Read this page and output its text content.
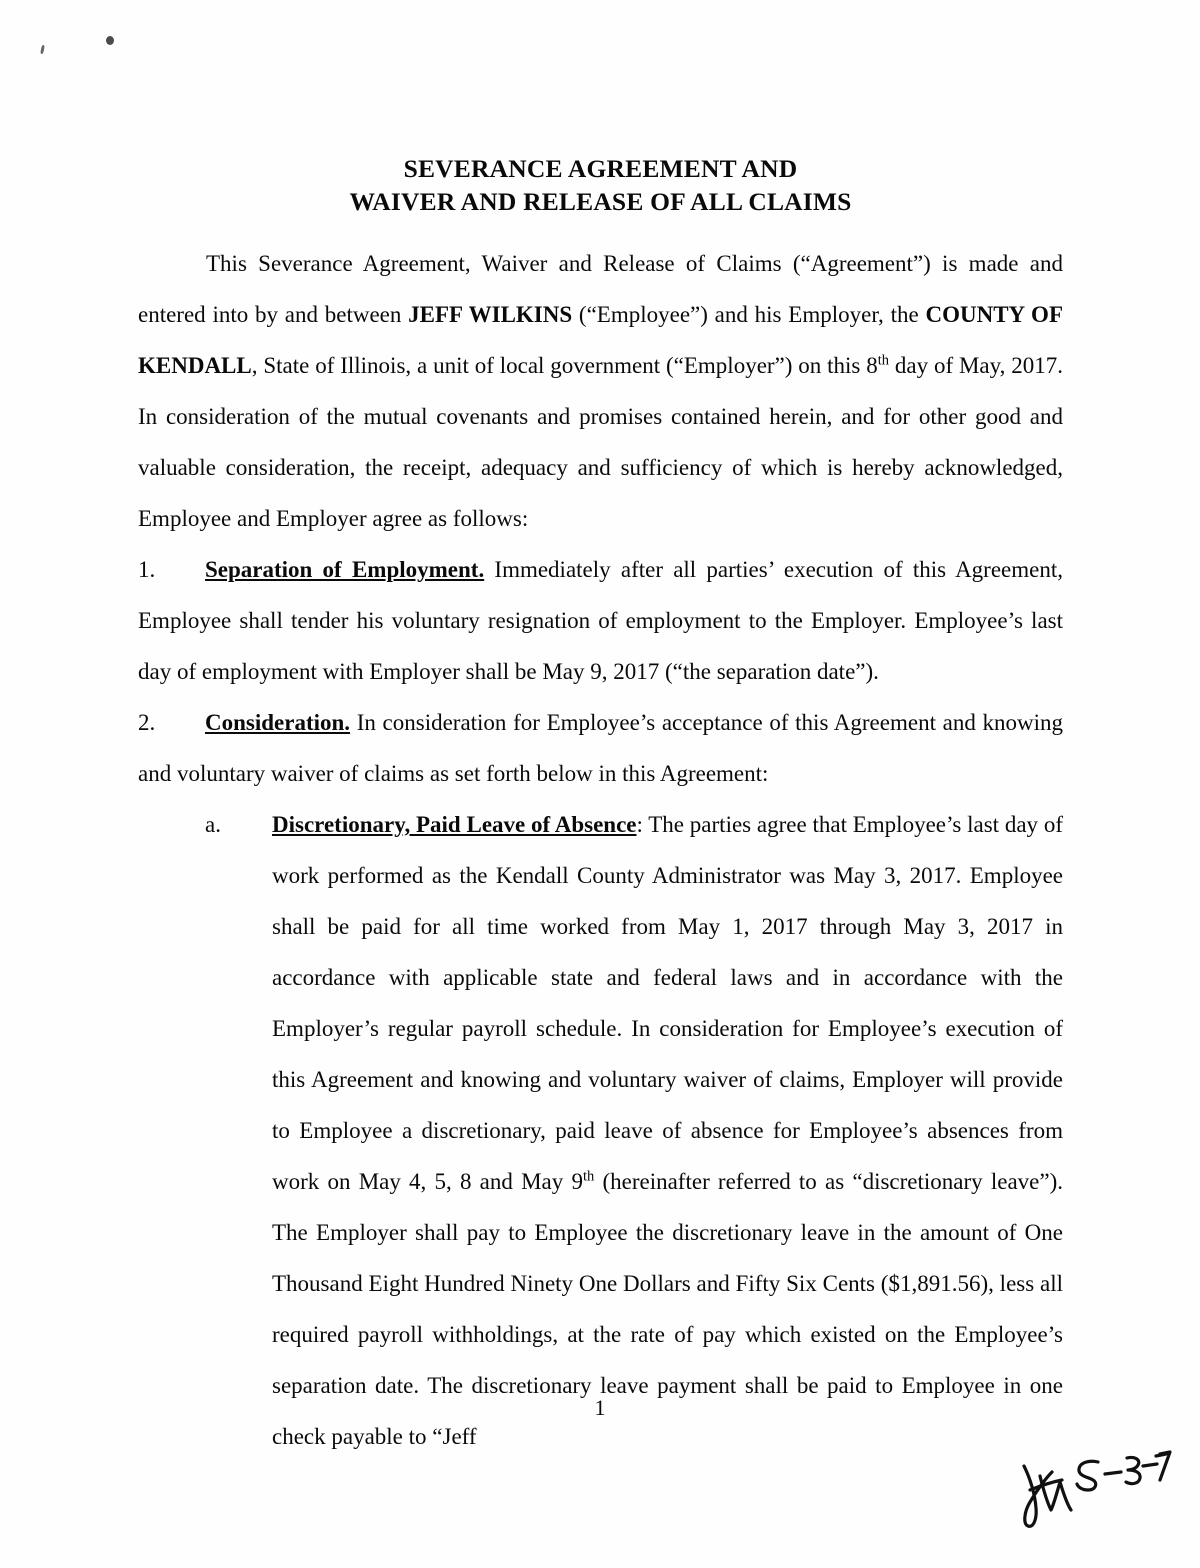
SEVERANCE AGREEMENT AND
WAIVER AND RELEASE OF ALL CLAIMS

This Severance Agreement, Waiver and Release of Claims (“Agreement”) is made and entered into by and between JEFF WILKINS (“Employee”) and his Employer, the COUNTY OF KENDALL, State of Illinois, a unit of local government (“Employer”) on this 8th day of May, 2017. In consideration of the mutual covenants and promises contained herein, and for other good and valuable consideration, the receipt, adequacy and sufficiency of which is hereby acknowledged, Employee and Employer agree as follows:

1. Separation of Employment. Immediately after all parties’ execution of this Agreement, Employee shall tender his voluntary resignation of employment to the Employer. Employee’s last day of employment with Employer shall be May 9, 2017 (“the separation date”).

2. Consideration. In consideration for Employee’s acceptance of this Agreement and knowing and voluntary waiver of claims as set forth below in this Agreement:

a. Discretionary, Paid Leave of Absence: The parties agree that Employee’s last day of work performed as the Kendall County Administrator was May 3, 2017. Employee shall be paid for all time worked from May 1, 2017 through May 3, 2017 in accordance with applicable state and federal laws and in accordance with the Employer’s regular payroll schedule. In consideration for Employee’s execution of this Agreement and knowing and voluntary waiver of claims, Employer will provide to Employee a discretionary, paid leave of absence for Employee’s absences from work on May 4, 5, 8 and May 9th (hereinafter referred to as “discretionary leave”). The Employer shall pay to Employee the discretionary leave in the amount of One Thousand Eight Hundred Ninety One Dollars and Fifty Six Cents ($1,891.56), less all required payroll withholdings, at the rate of pay which existed on the Employee’s separation date. The discretionary leave payment shall be paid to Employee in one check payable to “Jeff

1
